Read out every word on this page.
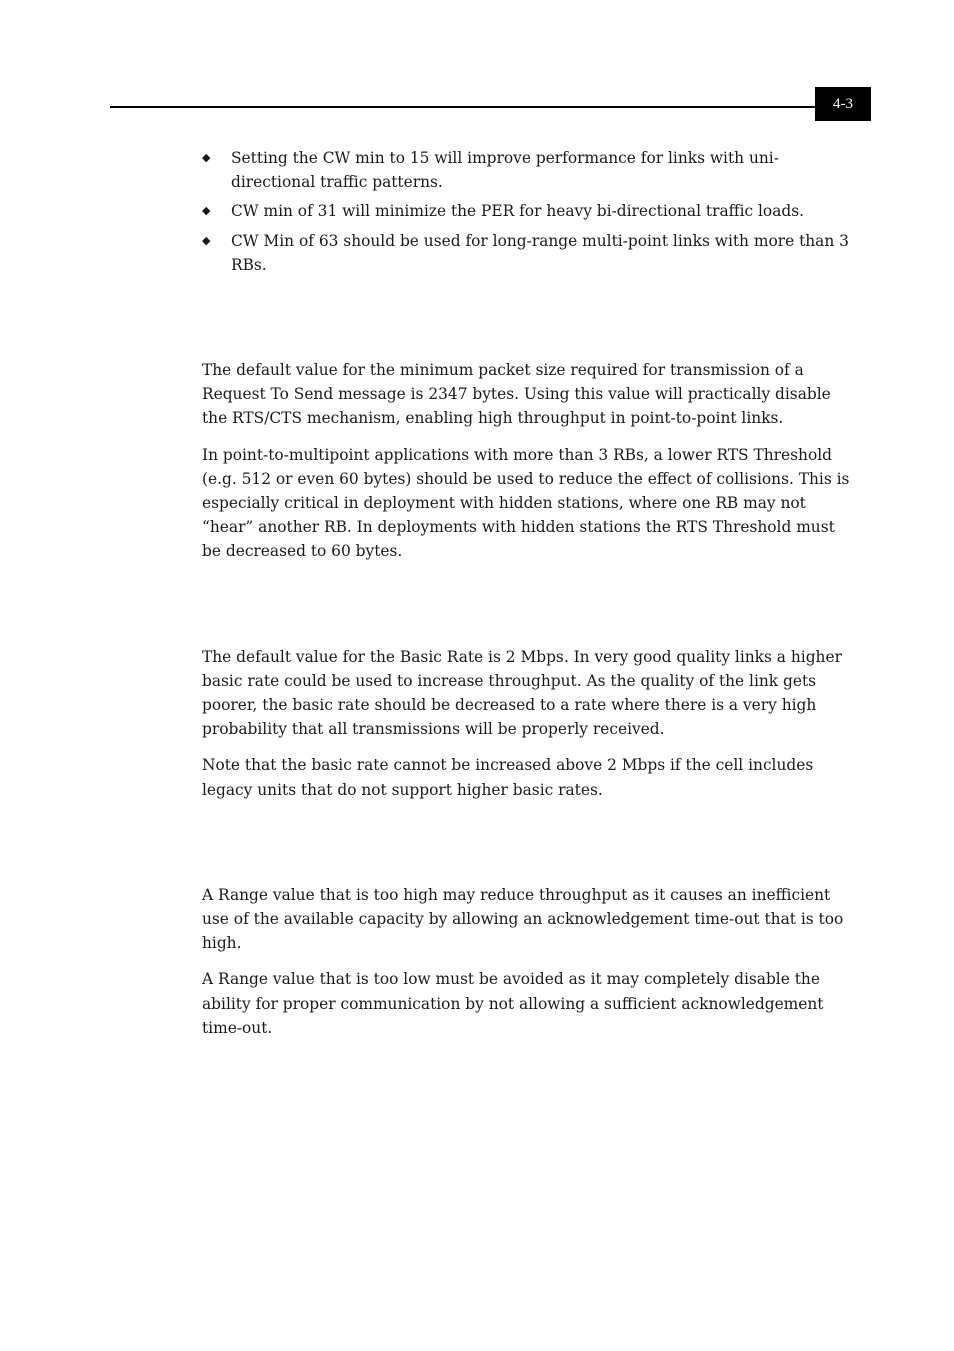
4-3
◆ Setting the CW min to 15 will improve performance for links with uni-directional traffic patterns.
◆ CW min of 31 will minimize the PER for heavy bi-directional traffic loads.
◆ CW Min of 63 should be used for long-range multi-point links with more than 3 RBs.

The default value for the minimum packet size required for transmission of a Request To Send message is 2347 bytes. Using this value will practically disable the RTS/CTS mechanism, enabling high throughput in point-to-point links.

In point-to-multipoint applications with more than 3 RBs, a lower RTS Threshold (e.g. 512 or even 60 bytes) should be used to reduce the effect of collisions. This is especially critical in deployment with hidden stations, where one RB may not “hear” another RB. In deployments with hidden stations the RTS Threshold must be decreased to 60 bytes.

The default value for the Basic Rate is 2 Mbps. In very good quality links a higher basic rate could be used to increase throughput. As the quality of the link gets poorer, the basic rate should be decreased to a rate where there is a very high probability that all transmissions will be properly received.

Note that the basic rate cannot be increased above 2 Mbps if the cell includes legacy units that do not support higher basic rates.

A Range value that is too high may reduce throughput as it causes an inefficient use of the available capacity by allowing an acknowledgement time-out that is too high.

A Range value that is too low must be avoided as it may completely disable the ability for proper communication by not allowing a sufficient acknowledgement time-out.
